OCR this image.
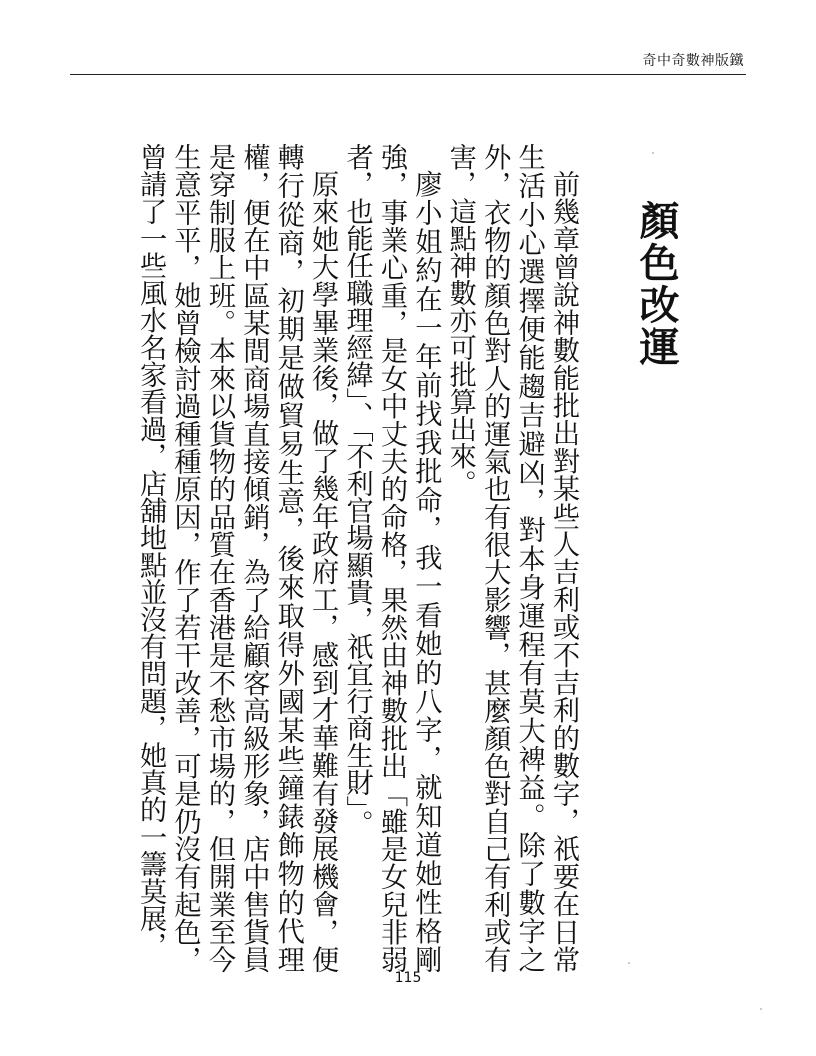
奇中奇數神版鐵
顏色改運

前幾章曾說神數能批出對某些人吉利或不吉利的數字，祇要在日常生活小心選擇便能趨吉避凶，對本身運程有莫大裨益。除了數字之外，衣物的顏色對人的運氣也有很大影響，甚麼顏色對自己有利或有害，這點神數亦可批算出來。

廖小姐約在一年前找我批命，我一看她的八字，就知道她性格剛強，事業心重，是女中丈夫的命格，果然由神數批出「雖是女兒非弱者，也能任職理經緯」、「不利官場顯貴，祇宜行商生財」。

原來她大學畢業後，做了幾年政府工，感到才華難有發展機會，便轉行從商，初期是做貿易生意，後來取得外國某些鐘錶飾物的代理權，便在中區某間商場直接傾銷，為了給顧客高級形象，店中售貨員是穿制服上班。本來以貨物的品質在香港是不愁市場的，但開業至今生意平平，她曾檢討過種種原因，作了若干改善，可是仍沒有起色，曾請了一些風水名家看過，店舖地點並沒有問題，她真的一籌莫展，

115
